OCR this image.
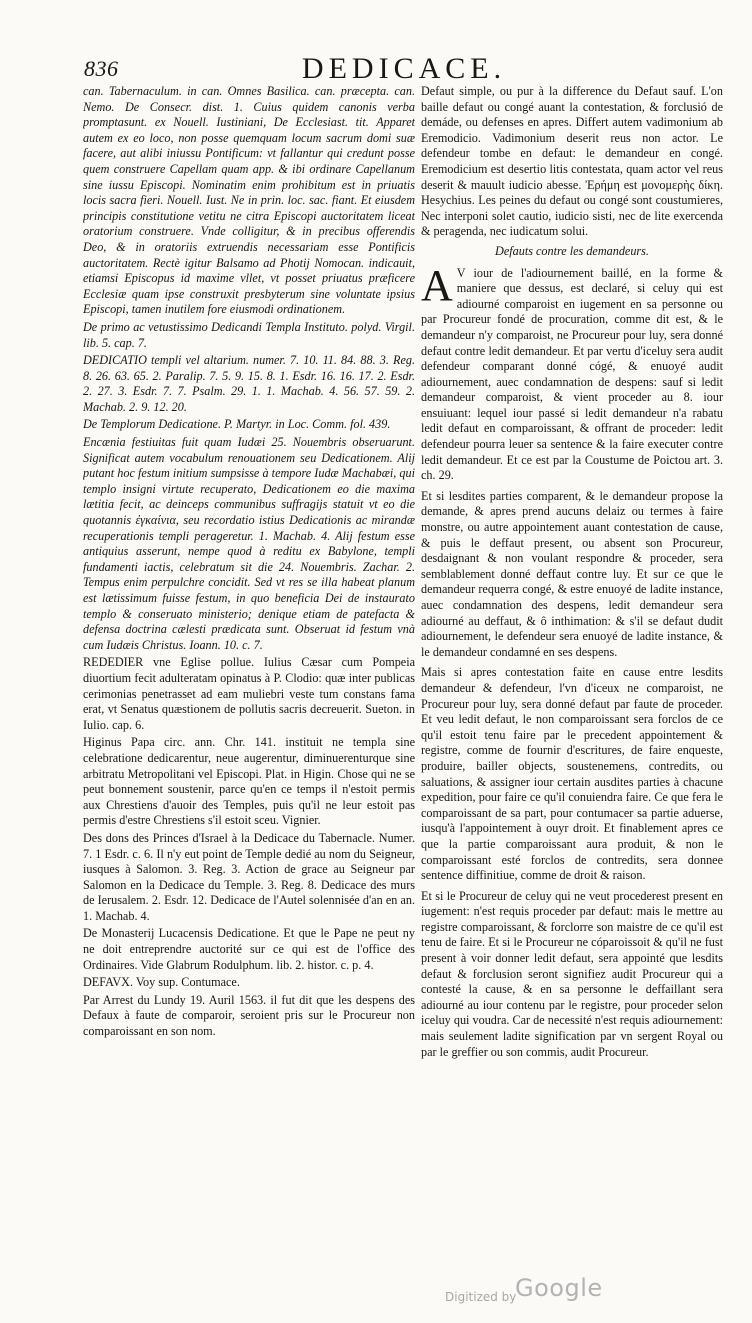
836	DEDICACE.

can. Tabernaculum. in can. Omnes Basilica. can. præcepta. can. Nemo. De Consecr. dist. 1. Cuius quidem canonis verba promptasunt. ex Nouell. Iustiniani, De Ecclesiast. tit. Apparet autem ex eo loco, non posse quemquam locum sacrum domi suæ facere, aut alibi iniussu Pontificum: vt fallantur qui credunt posse quem construere Capellam quam app. & ibi ordinare Capellanum sine iussu Episcopi. Nominatim enim prohibitum est in priuatis locis sacra fieri. Nouell. Iust. Ne in prin. loc. sac. fiant. Et eiusdem principis constitutione vetitu ne citra Episcopi auctoritatem liceat oratorium construere. Vnde colligitur, & in precibus offerendis Deo, & in oratoriis extruendis necessariam esse Pontificis auctoritatem. Rectè igitur Balsamo ad Photij Nomocan. indicauit, etiamsi Episcopus id maxime vllet, vt posset priuatus præficere Ecclesiæ quam ipse construxit presbyterum sine voluntate ipsius Episcopi, tamen inutilem fore eiusmodi ordinationem.

De primo ac vetustissimo Dedicandi Templa Instituto. polyd. Virgil. lib. 5. cap. 7.

DEDICATIO templi vel altarium. numer. 7. 10. 11. 84. 88. 3. Reg. 8. 26. 63. 65. 2. Paralip. 7. 5. 9. 15. 8. 1. Esdr. 16. 16. 17. 2. Esdr. 2. 27. 3. Esdr. 7. 7. Psalm. 29. 1. 1. Machab. 4. 56. 57. 59. 2. Machab. 2. 9. 12. 20.

De Templorum Dedicatione. P. Martyr. in Loc. Comm. fol. 439.

Encænia festiuitas fuit quam Iudæi 25. Nouembris obseruarunt. Significat autem vocabulum renouationem seu Dedicationem. Alij putant hoc festum initium sumpsisse à tempore Iudæ Machabæi, qui templo insigni virtute recuperato, Dedicationem eo die maxima lætitia fecit, ac deinceps communibus suffragijs statuit vt eo die quotannis ἐγκαίνια, seu recordatio istius Dedicationis ac mirandæ recuperationis templi perageretur. 1. Machab. 4. Alij festum esse antiquius asserunt, nempe quod à reditu ex Babylone, templi fundamenti iactis, celebratum sit die 24. Nouembris. Zachar. 2. Tempus enim perpulchre concidit. Sed vt res se illa habeat planum est lætissimum fuisse festum, in quo beneficia Dei de instaurato templo & conseruato ministerio; denique etiam de patefacta & defensa doctrina cælesti prædicata sunt. Obseruat id festum vnà cum Iudæis Christus. Ioann. 10. c. 7.

REDEDIER vne Eglise pollue. Iulius Cæsar cum Pompeia diuortium fecit adulteratam opinatus à P. Clodio: quæ inter publicas cerimonias penetrasset ad eam muliebri veste tum constans fama erat, vt Senatus quæstionem de pollutis sacris decreuerit. Sueton. in Iulio. cap. 6.

Higinus Papa circ. ann. Chr. 141. instituit ne templa sine celebratione dedicarentur, neue augerentur, diminuerenturque sine arbitratu Metropolitani vel Episcopi. Plat. in Higin. Chose qui ne se peut bonnement soustenir, parce qu'en ce temps il n'estoit permis aux Chrestiens d'auoir des Temples, puis qu'il ne leur estoit pas permis d'estre Chrestiens s'il estoit sceu. Vignier.

Des dons des Princes d'Israel à la Dedicace du Tabernacle. Numer. 7. 1 Esdr. c. 6. Il n'y eut point de Temple dedié au nom du Seigneur, iusques à Salomon. 3. Reg. 3. Action de grace au Seigneur par Salomon en la Dedicace du Temple. 3. Reg. 8. Dedicace des murs de Ierusalem. 2. Esdr. 12. Dedicace de l'Autel solennisée d'an en an. 1. Machab. 4.

De Monasterij Lucacensis Dedicatione. Et que le Pape ne peut ny ne doit entreprendre auctorité sur ce qui est de l'office des Ordinaires. Vide Glabrum Rodulphum. lib. 2. histor. c. p. 4.

DEFAVX. Voy sup. Contumace.

Par Arrest du Lundy 19. Auril 1563. il fut dit que les despens des Defaux à faute de comparoir, seroient pris sur le Procureur non comparoissant en son nom.

Defaut simple, ou pur à la difference du Defaut sauf. L'on baille defaut ou congé auant la contestation, & forclusió de demáde, ou defenses en apres. Differt autem vadimonium ab Eremodicio. Vadimonium deserit reus non actor. Le defendeur tombe en defaut: le demandeur en congé. Eremodicium est desertio litis contestata, quam actor vel reus deserit & mauult iudicio abesse. Ἐρήμη est μονομερὴς δίκη. Hesychius. Les peines du defaut ou congé sont coustumieres, Nec interponi solet cautio, iudicio sisti, nec de lite exercenda & peragenda, nec iudicatum solui.

Defauts contre les demandeurs.

A V iour de l'adiournement baillé, en la forme & maniere que dessus, est declaré, si celuy qui est adiourné comparoist en iugement en sa personne ou par Procureur fondé de procuration, comme dit est, & le demandeur n'y comparoist, ne Procureur pour luy, sera donné defaut contre ledit demandeur. Et par vertu d'iceluy sera audit defendeur comparant donné cógé, & enuoyé audit adiournement, auec condamnation de despens: sauf si ledit demandeur comparoist, & vient proceder au 8. iour ensuiuant: lequel iour passé si ledit demandeur n'a rabatu ledit defaut en comparoissant, & offrant de proceder: ledit defendeur pourra leuer sa sentence & la faire executer contre ledit demandeur. Et ce est par la Coustume de Poictou art. 3. ch. 29.

Et si lesdites parties comparent, & le demandeur propose la demande, & apres prend aucuns delaiz ou termes à faire monstre, ou autre appointement auant contestation de cause, & puis le deffaut present, ou absent son Procureur, desdaignant & non voulant respondre & proceder, sera semblablement donné deffaut contre luy. Et sur ce que le demandeur requerra congé, & estre enuoyé de ladite instance, auec condamnation des despens, ledit demandeur sera adiourné au deffaut, & ô inthimation: & s'il se defaut dudit adiournement, le defendeur sera enuoyé de ladite instance, & le demandeur condamné en ses despens.

Mais si apres contestation faite en cause entre lesdits demandeur & defendeur, l'vn d'iceux ne comparoist, ne Procureur pour luy, sera donné defaut par faute de proceder. Et veu ledit defaut, le non comparoissant sera forclos de ce qu'il estoit tenu faire par le precedent appointement & registre, comme de fournir d'escritures, de faire enqueste, produire, bailler objects, soustenemens, contredits, ou saluations, & assigner iour certain ausdites parties à chacune expedition, pour faire ce qu'il conuiendra faire. Ce que fera le comparoissant de sa part, pour contumacer sa partie aduerse, iusqu'à l'appointement à ouyr droit. Et finablement apres ce que la partie comparoissant aura produit, & non le comparoissant esté forclos de contredits, sera donnee sentence diffinitiue, comme de droit & raison.

Et si le Procureur de celuy qui ne veut procederest present en iugement: n'est requis proceder par defaut: mais le mettre au registre comparoissant, & forclorre son maistre de ce qu'il est tenu de faire. Et si le Procureur ne cóparoissoit & qu'il ne fust present à voir donner ledit defaut, sera appointé que lesdits defaut & forclusion seront signifiez audit Procureur qui a contesté la cause, & en sa personne le deffaillant sera adiourné au iour contenu par le registre, pour proceder selon iceluy qui voudra. Car de necessité n'est requis adiournement: mais seulement ladite signification par vn sergent Royal ou par le greffier ou son commis, audit Procureur.

Digitized by
Google
